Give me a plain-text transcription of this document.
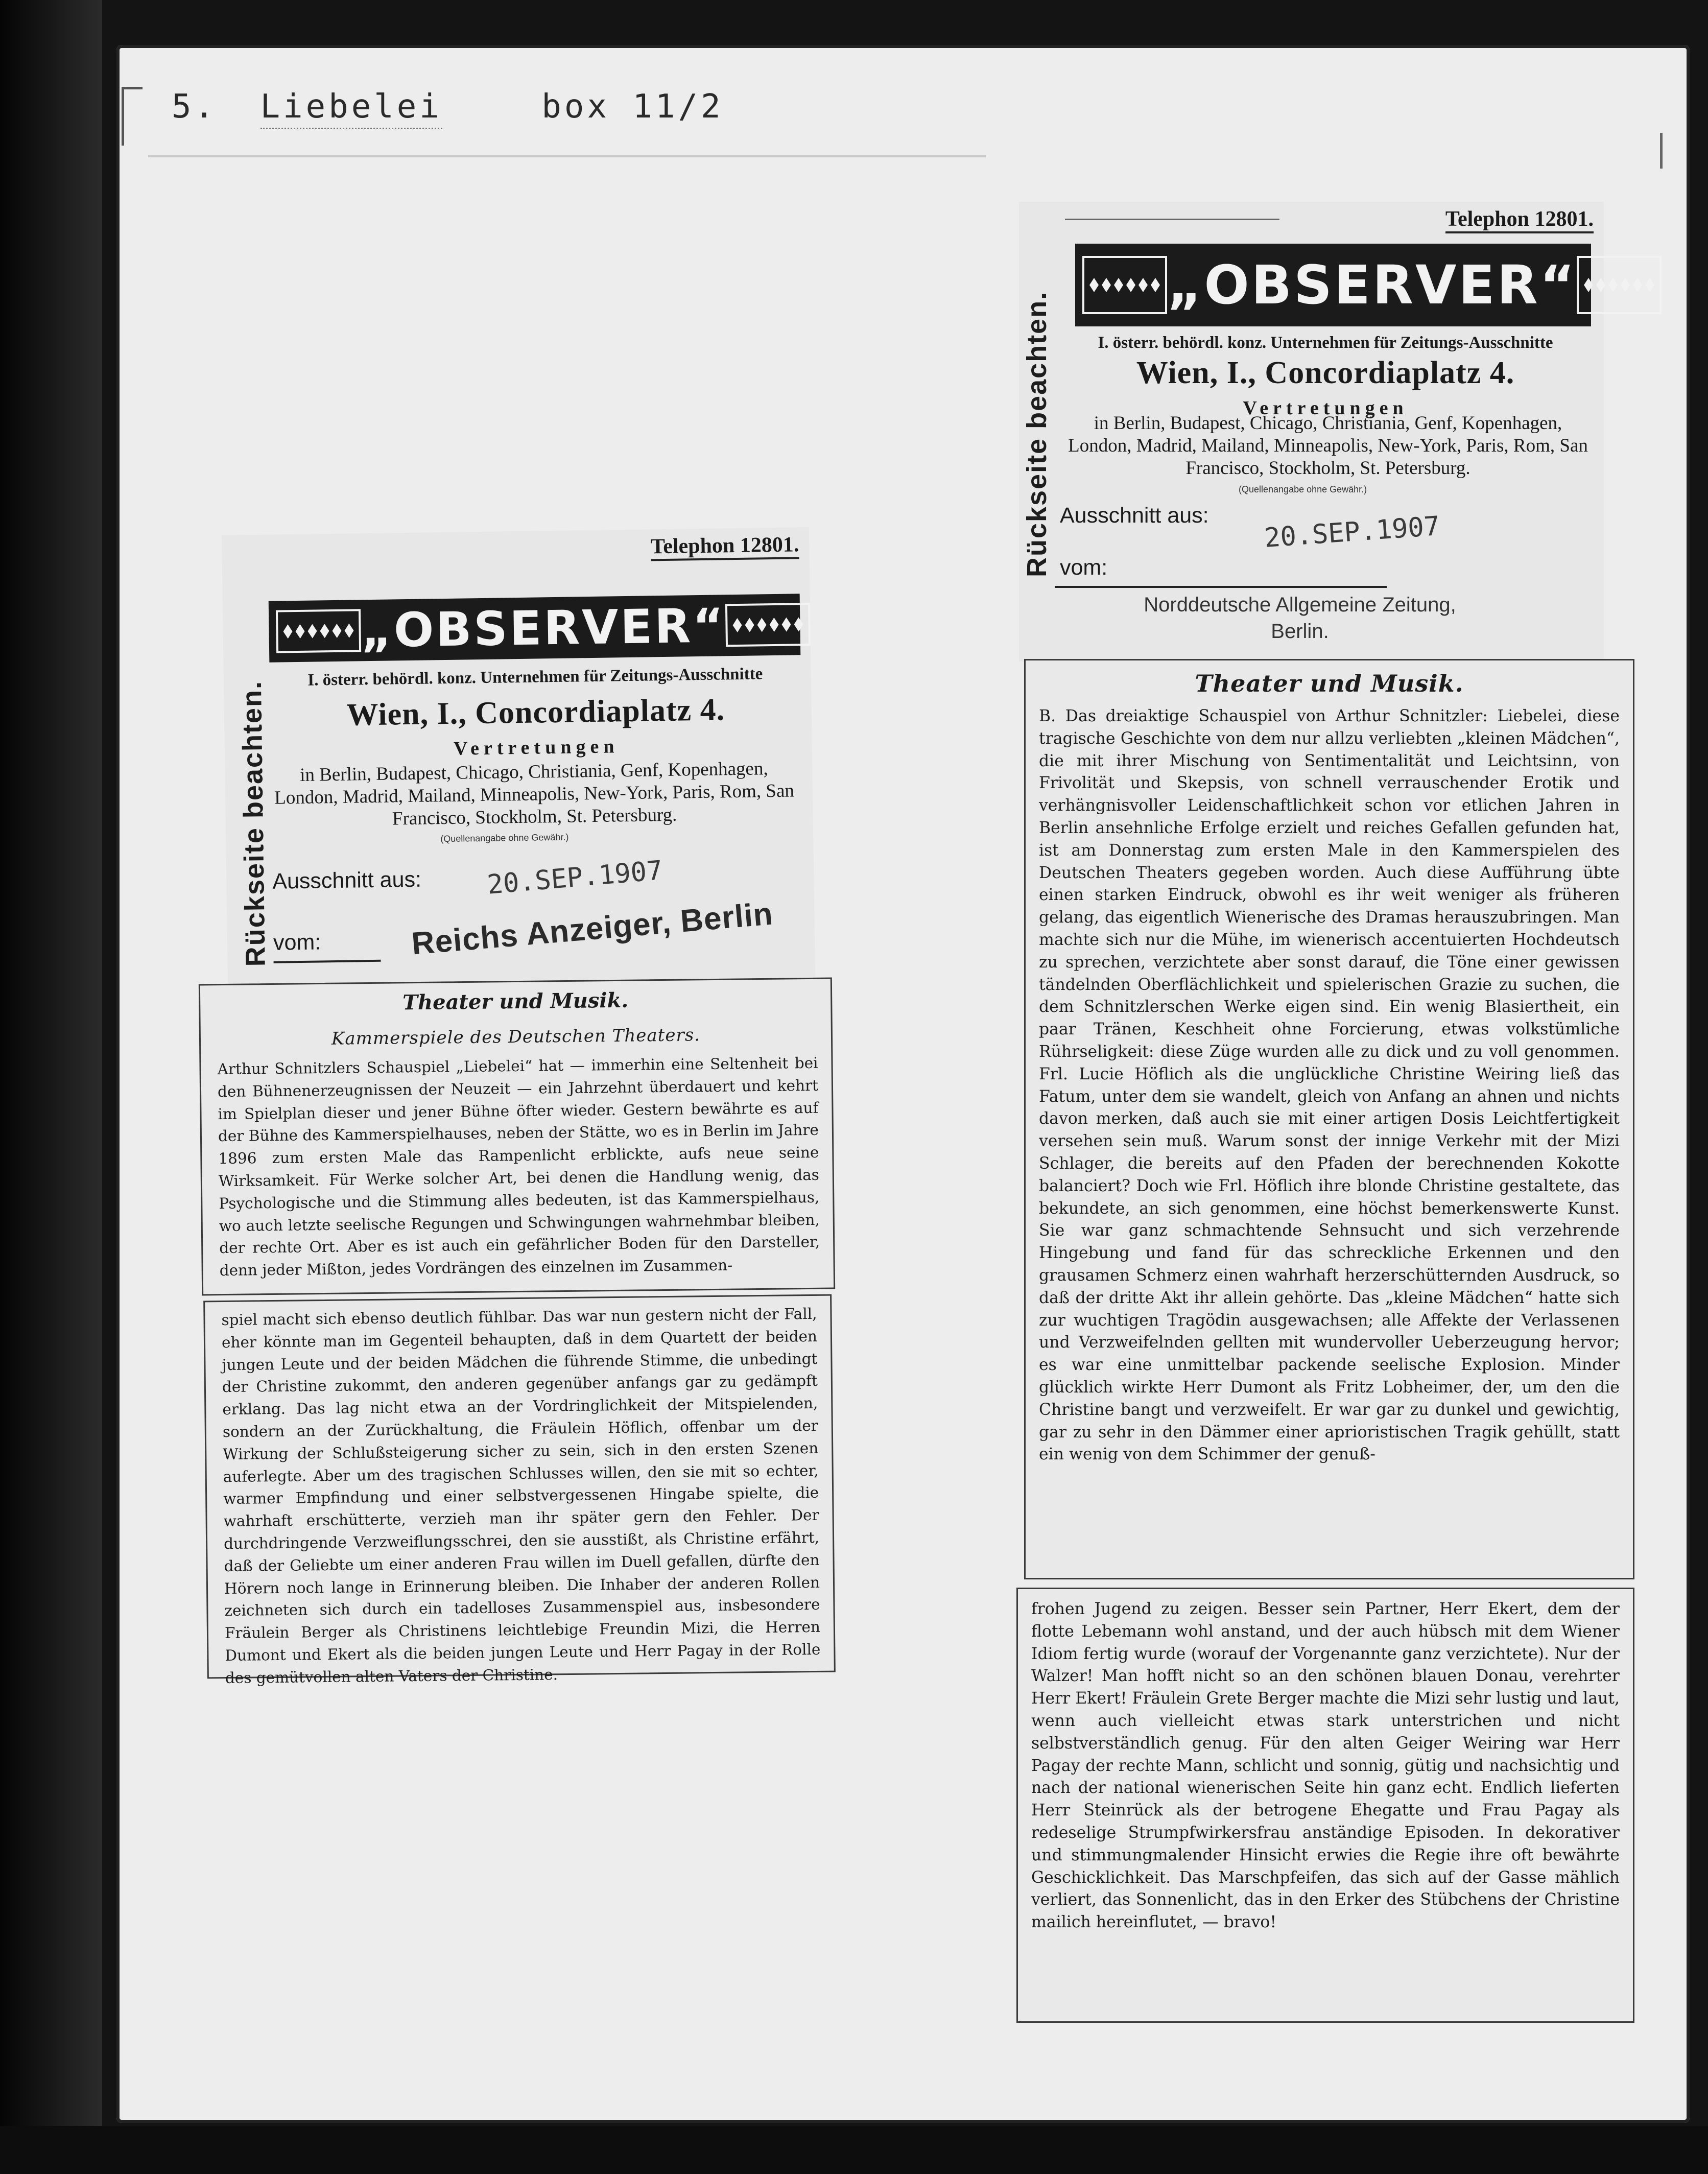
5. Liebelei	box 11/2
Telephon 12801.
Rückseite beachten.
„OBSERVER“
I. österr. behördl. konz. Unternehmen für Zeitungs-Ausschnitte
Wien, I., Concordiaplatz 4.
Vertretungen
in Berlin, Budapest, Chicago, Christiania, Genf, Kopenhagen, London, Madrid, Mailand, Minneapolis, New-York, Paris, Rom, San Francisco, Stockholm, St. Petersburg.
(Quellenangabe ohne Gewähr.)
Ausschnitt aus: 20.SEP.1907
vom:	Reichs Anzeiger, Berlin
Theater und Musik.
Kammerspiele des Deutschen Theaters.
Arthur Schnitzlers Schauspiel „Liebelei“ hat — immerhin eine Seltenheit bei den Bühnenerzeugnissen der Neuzeit — ein Jahrzehnt überdauert und kehrt im Spielplan dieser und jener Bühne öfter wieder. Gestern bewährte es auf der Bühne des Kammerspielhauses, neben der Stätte, wo es in Berlin im Jahre 1896 zum ersten Male das Rampenlicht erblickte, aufs neue seine Wirksamkeit. Für Werke solcher Art, bei denen die Handlung wenig, das Psychologische und die Stimmung alles bedeuten, ist das Kammerspielhaus, wo auch letzte seelische Regungen und Schwingungen wahrnehmbar bleiben, der rechte Ort. Aber es ist auch ein gefährlicher Boden für den Darsteller, denn jeder Mißton, jedes Vordrängen des einzelnen im Zusammen-
spiel macht sich ebenso deutlich fühlbar. Das war nun gestern nicht der Fall, eher könnte man im Gegenteil behaupten, daß in dem Quartett der beiden jungen Leute und der beiden Mädchen die führende Stimme, die unbedingt der Christine zukommt, den anderen gegenüber anfangs gar zu gedämpft erklang. Das lag nicht etwa an der Vordringlichkeit der Mitspielenden, sondern an der Zurückhaltung, die Fräulein Höflich, offenbar um der Wirkung der Schlußsteigerung sicher zu sein, sich in den ersten Szenen auferlegte. Aber um des tragischen Schlusses willen, den sie mit so echter, warmer Empfindung und einer selbstvergessenen Hingabe spielte, die wahrhaft erschütterte, verzieh man ihr später gern den Fehler. Der durchdringende Verzweiflungsschrei, den sie ausstißt, als Christine erfährt, daß der Geliebte um einer anderen Frau willen im Duell gefallen, dürfte den Hörern noch lange in Erinnerung bleiben. Die Inhaber der anderen Rollen zeichneten sich durch ein tadelloses Zusammenspiel aus, insbesondere Fräulein Berger als Christinens leichtlebige Freundin Mizi, die Herren Dumont und Ekert als die beiden jungen Leute und Herr Pagay in der Rolle des gemütvollen alten Vaters der Christine.
Telephon 12801.
Rückseite beachten.
„OBSERVER“
I. österr. behördl. konz. Unternehmen für Zeitungs-Ausschnitte
Wien, I., Concordiaplatz 4.
Vertretungen
in Berlin, Budapest, Chicago, Christiania, Genf, Kopenhagen, London, Madrid, Mailand, Minneapolis, New-York, Paris, Rom, San Francisco, Stockholm, St. Petersburg.
(Quellenangabe ohne Gewähr.)
Ausschnitt aus: 20.SEP.1907
vom:
Norddeutsche Allgemeine Zeitung, Berlin.
Theater und Musik.
B. Das dreiaktige Schauspiel von Arthur Schnitzler: Liebelei, diese tragische Geschichte von dem nur allzu verliebten „kleinen Mädchen“, die mit ihrer Mischung von Sentimentalität und Leichtsinn, von Frivolität und Skepsis, von schnell verrauschender Erotik und verhängnisvoller Leidenschaftlichkeit schon vor etlichen Jahren in Berlin ansehnliche Erfolge erzielt und reiches Gefallen gefunden hat, ist am Donnerstag zum ersten Male in den Kammerspielen des Deutschen Theaters gegeben worden. Auch diese Aufführung übte einen starken Eindruck, obwohl es ihr weit weniger als früheren gelang, das eigentlich Wienerische des Dramas herauszubringen. Man machte sich nur die Mühe, im wienerisch accentuierten Hochdeutsch zu sprechen, verzichtete aber sonst darauf, die Töne einer gewissen tändelnden Oberflächlichkeit und spielerischen Grazie zu suchen, die dem Schnitzlerschen Werke eigen sind. Ein wenig Blasiertheit, ein paar Tränen, Keschheit ohne Forcierung, etwas volkstümliche Rührseligkeit: diese Züge wurden alle zu dick und zu voll genommen. Frl. Lucie Höflich als die unglückliche Christine Weiring ließ das Fatum, unter dem sie wandelt, gleich von Anfang an ahnen und nichts davon merken, daß auch sie mit einer artigen Dosis Leichtfertigkeit versehen sein muß. Warum sonst der innige Verkehr mit der Mizi Schlager, die bereits auf den Pfaden der berechnenden Kokotte balanciert? Doch wie Frl. Höflich ihre blonde Christine gestaltete, das bekundete, an sich genommen, eine höchst bemerkenswerte Kunst. Sie war ganz schmachtende Sehnsucht und sich verzehrende Hingebung und fand für das schreckliche Erkennen und den grausamen Schmerz einen wahrhaft herzerschütternden Ausdruck, so daß der dritte Akt ihr allein gehörte. Das „kleine Mädchen“ hatte sich zur wuchtigen Tragödin ausgewachsen; alle Affekte der Verlassenen und Verzweifelnden gellten mit wundervoller Ueberzeugung hervor; es war eine unmittelbar packende seelische Explosion. Minder glücklich wirkte Herr Dumont als Fritz Lobheimer, der, um den die Christine bangt und verzweifelt. Er war gar zu dunkel und gewichtig, gar zu sehr in den Dämmer einer aprioristischen Tragik gehüllt, statt ein wenig von dem Schimmer der genuß-
frohen Jugend zu zeigen. Besser sein Partner, Herr Ekert, dem der flotte Lebemann wohl anstand, und der auch hübsch mit dem Wiener Idiom fertig wurde (worauf der Vorgenannte ganz verzichtete). Nur der Walzer! Man hofft nicht so an den schönen blauen Donau, verehrter Herr Ekert! Fräulein Grete Berger machte die Mizi sehr lustig und laut, wenn auch vielleicht etwas stark unterstrichen und nicht selbstverständlich genug. Für den alten Geiger Weiring war Herr Pagay der rechte Mann, schlicht und sonnig, gütig und nachsichtig und nach der national wienerischen Seite hin ganz echt. Endlich lieferten Herr Steinrück als der betrogene Ehegatte und Frau Pagay als redeselige Strumpfwirkersfrau anständige Episoden. In dekorativer und stimmungmalender Hinsicht erwies die Regie ihre oft bewährte Geschicklichkeit. Das Marschpfeifen, das sich auf der Gasse mählich verliert, das Sonnenlicht, das in den Erker des Stübchens der Christine mailich hereinflutet, — bravo!
